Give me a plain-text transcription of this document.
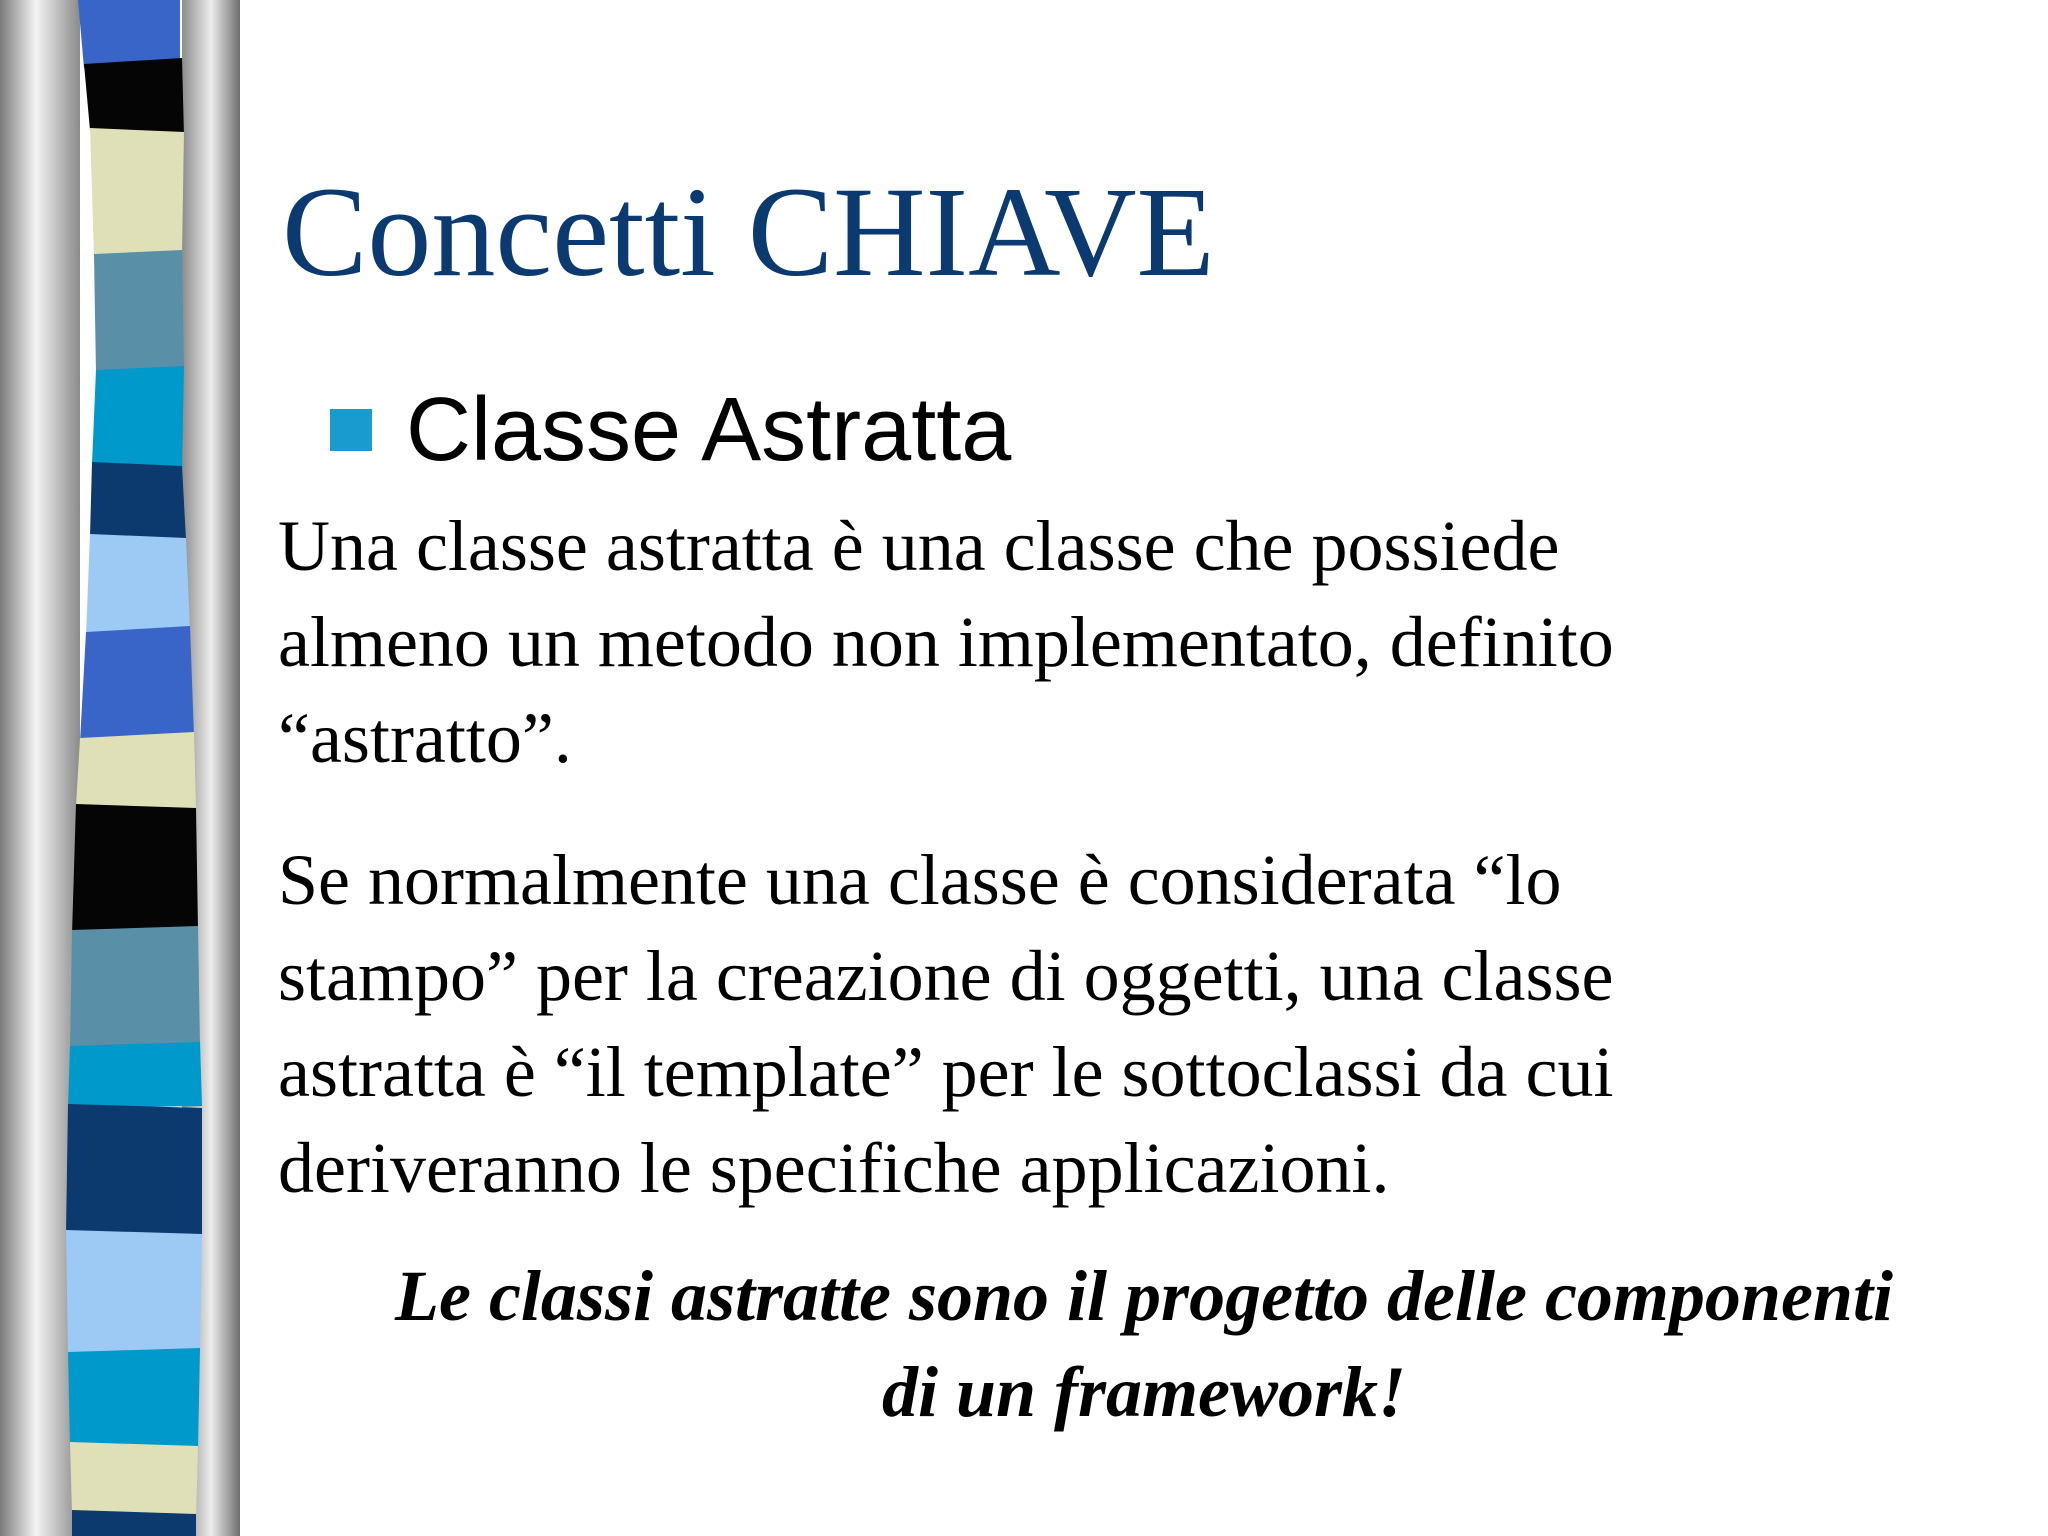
Concetti CHIAVE
Classe Astratta

Una classe astratta è una classe che possiede
almeno un metodo non implementato, definito
“astratto”.

Se normalmente una classe è considerata “lo
stampo” per la creazione di oggetti, una classe
astratta è “il template” per le sottoclassi da cui
deriveranno le specifiche applicazioni.

Le classi astratte sono il progetto delle componenti
di un framework!
